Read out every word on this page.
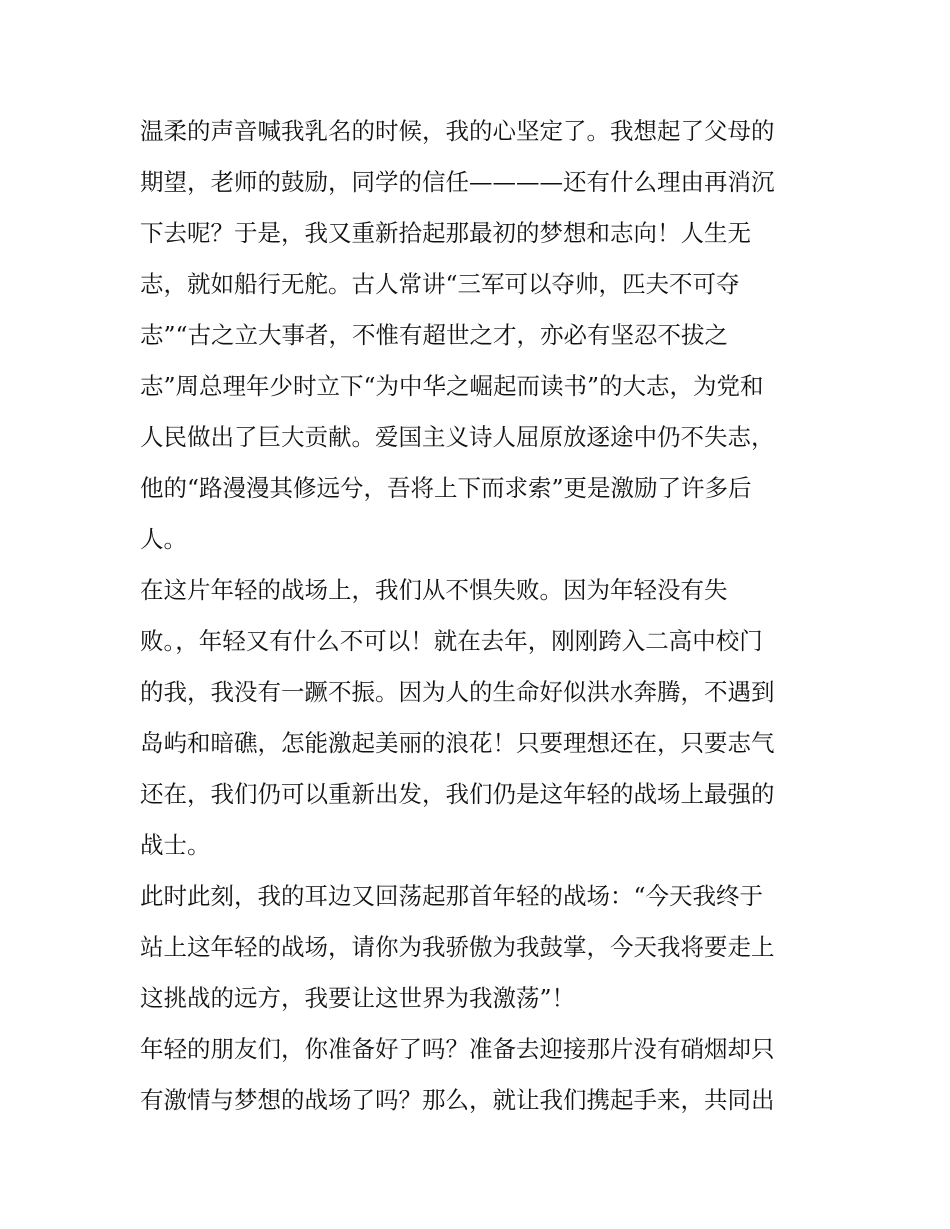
温柔的声音喊我乳名的时候，我的心坚定了。我想起了父母的
期望，老师的鼓励，同学的信任————还有什么理由再消沉
下去呢？于是，我又重新拾起那最初的梦想和志向！人生无
志，就如船行无舵。古人常讲“三军可以夺帅，匹夫不可夺
志”“古之立大事者，不惟有超世之才，亦必有坚忍不拔之
志”周总理年少时立下“为中华之崛起而读书”的大志，为党和
人民做出了巨大贡献。爱国主义诗人屈原放逐途中仍不失志，
他的“路漫漫其修远兮，吾将上下而求索”更是激励了许多后
人。
在这片年轻的战场上，我们从不惧失败。因为年轻没有失
败。，年轻又有什么不可以！就在去年，刚刚跨入二高中校门
的我，我没有一蹶不振。因为人的生命好似洪水奔腾，不遇到
岛屿和暗礁，怎能激起美丽的浪花！只要理想还在，只要志气
还在，我们仍可以重新出发，我们仍是这年轻的战场上最强的
战士。
此时此刻，我的耳边又回荡起那首年轻的战场：“今天我终于
站上这年轻的战场，请你为我骄傲为我鼓掌，今天我将要走上
这挑战的远方，我要让这世界为我激荡”！
年轻的朋友们，你准备好了吗？准备去迎接那片没有硝烟却只
有激情与梦想的战场了吗？那么，就让我们携起手来，共同出
